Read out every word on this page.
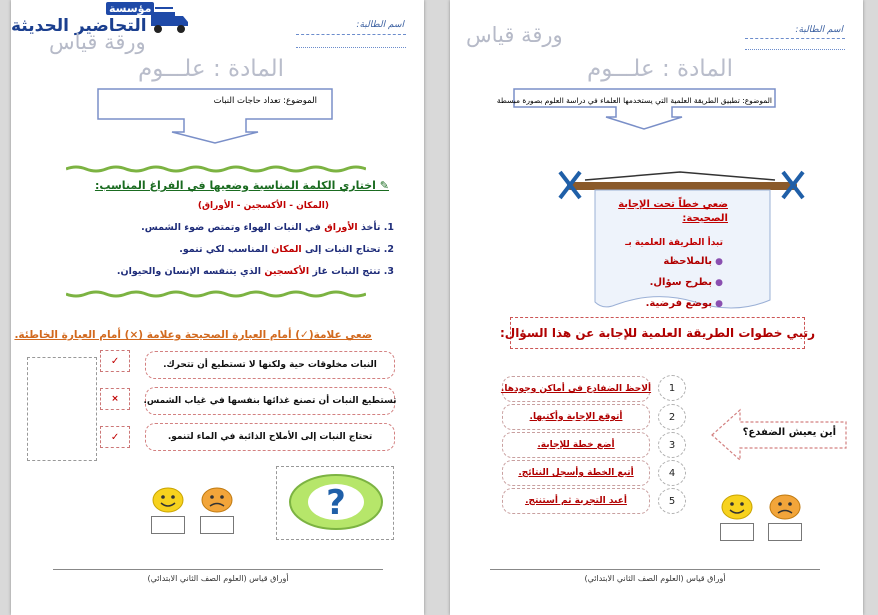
مؤسسة
التحاضير الحديثة	اسم الطالبة:
ورقة قياس
المادة : علـــوم
الموضوع: تعداد حاجات النبات
✎ اختاري الكلمة المناسبة وضعيها في الفراغ المناسب:
(المكان - الأكسجين - الأوراق)
1. تأخذ الأوراق في النبات الهواء وتمتص ضوء الشمس.
2. تحتاج النبات إلى المكان المناسب لكي تنمو.
3. تنتج النبات غاز الأكسجين الذي يتنفسه الإنسان والحيوان.
ضعي علامة(✓) أمام العبارة الصحيحة وعلامة (×) أمام العبارة الخاطئة.
✓	النبات مخلوقات حية ولكنها لا تستطيع أن تتحرك.
×	تستطيع النبات أن تصنع غذائها بنفسها في غياب الشمس.
✓	تحتاج النبات إلى الأملاح الذائبة في الماء لتنمو.
?
أوراق قياس (العلوم الصف الثاني الابتدائي)
اسم الطالبة:
ورقة قياس
المادة : علـــوم
الموضوع: تطبيق الطريقة العلمية التي يستخدمها العلماء في دراسة العلوم بصورة مبسطة
ضعي خطاً تحت الإجابة الصحيحة:
تبدأ الطريقة العلمية بـ
● بالملاحظة
● بطرح سؤال.
● بوضع فرضية.
رتبي خطوات الطريقة العلمية للإجابة عن هذا السؤال:
أين يعيش الضفدع؟
ألاحظ الضفادع في أماكن وجودها.	1
أتوقع الإجابة وأكتبها.	2
أضع خطة للإجابة.	3
أتبع الخطة وأسجل النتائج.	4
أعيد التجربة ثم أستنتج.	5
أوراق قياس (العلوم الصف الثاني الابتدائي)
